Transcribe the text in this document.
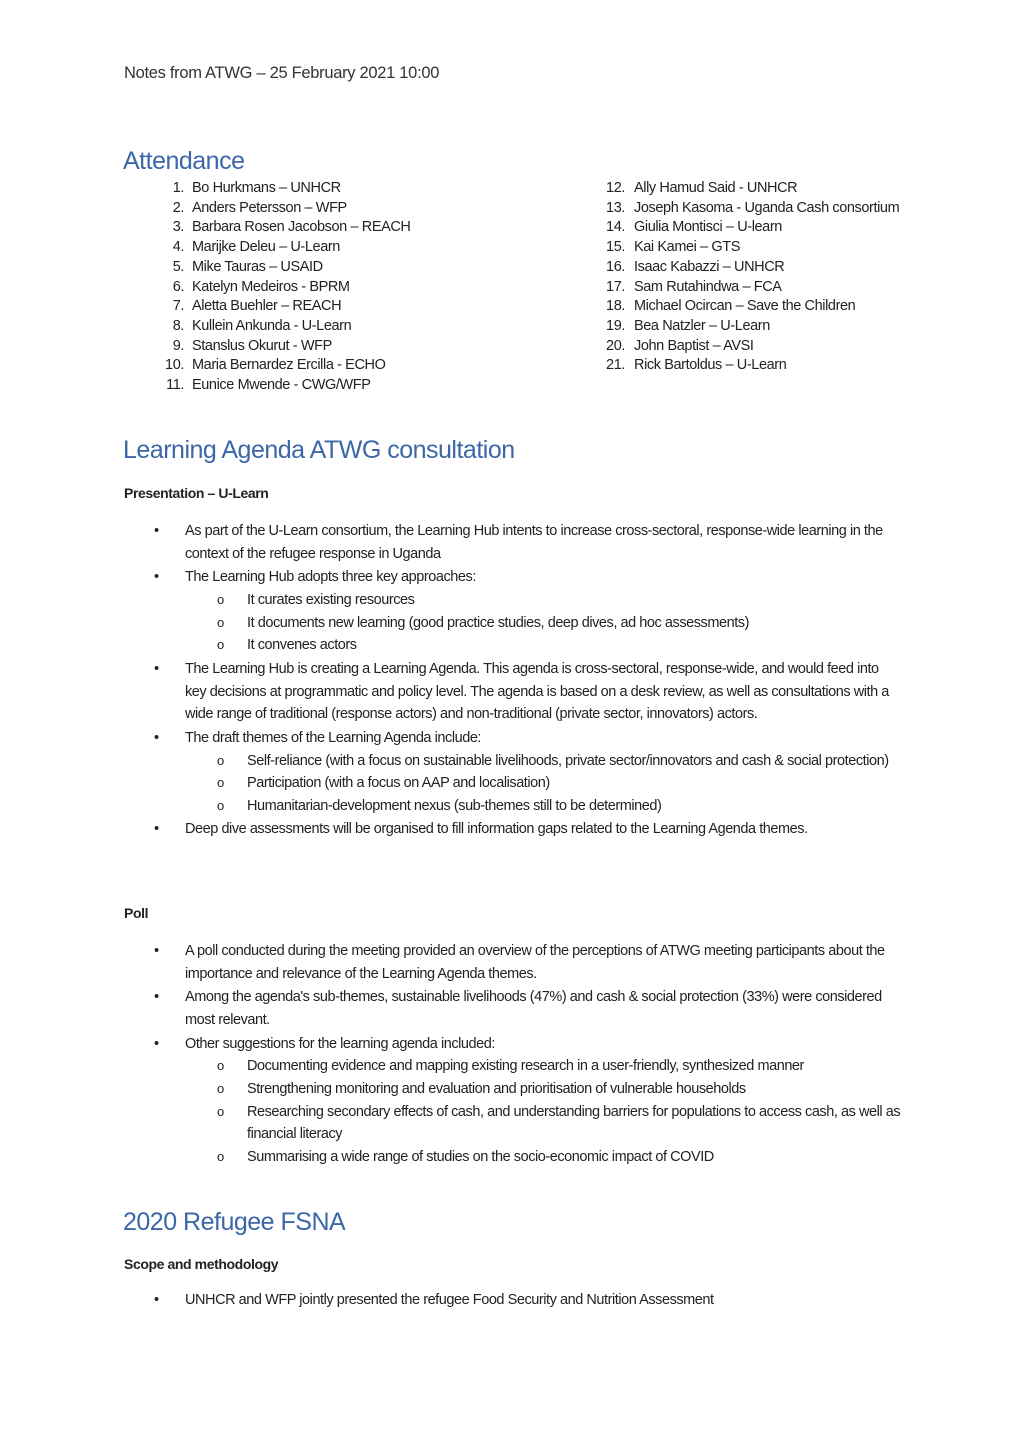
Notes from ATWG – 25 February 2021 10:00
Attendance
1. Bo Hurkmans – UNHCR
2. Anders Petersson – WFP
3. Barbara Rosen Jacobson – REACH
4. Marijke Deleu – U-Learn
5. Mike Tauras – USAID
6. Katelyn Medeiros - BPRM
7. Aletta Buehler – REACH
8. Kullein Ankunda - U-Learn
9. Stanslus Okurut - WFP
10. Maria Bernardez Ercilla - ECHO
11. Eunice Mwende - CWG/WFP
12. Ally Hamud Said - UNHCR
13. Joseph Kasoma - Uganda Cash consortium
14. Giulia Montisci – U-learn
15. Kai Kamei – GTS
16. Isaac Kabazzi – UNHCR
17. Sam Rutahindwa – FCA
18. Michael Ocircan – Save the Children
19. Bea Natzler – U-Learn
20. John Baptist – AVSI
21. Rick Bartoldus – U-Learn
Learning Agenda ATWG consultation
Presentation – U-Learn
• As part of the U-Learn consortium, the Learning Hub intents to increase cross-sectoral, response-wide learning in the context of the refugee response in Uganda
• The Learning Hub adopts three key approaches:
o It curates existing resources
o It documents new learning (good practice studies, deep dives, ad hoc assessments)
o It convenes actors
• The Learning Hub is creating a Learning Agenda. This agenda is cross-sectoral, response-wide, and would feed into key decisions at programmatic and policy level. The agenda is based on a desk review, as well as consultations with a wide range of traditional (response actors) and non-traditional (private sector, innovators) actors.
• The draft themes of the Learning Agenda include:
o Self-reliance (with a focus on sustainable livelihoods, private sector/innovators and cash & social protection)
o Participation (with a focus on AAP and localisation)
o Humanitarian-development nexus (sub-themes still to be determined)
• Deep dive assessments will be organised to fill information gaps related to the Learning Agenda themes.
Poll
• A poll conducted during the meeting provided an overview of the perceptions of ATWG meeting participants about the importance and relevance of the Learning Agenda themes.
• Among the agenda's sub-themes, sustainable livelihoods (47%) and cash & social protection (33%) were considered most relevant.
• Other suggestions for the learning agenda included:
o Documenting evidence and mapping existing research in a user-friendly, synthesized manner
o Strengthening monitoring and evaluation and prioritisation of vulnerable households
o Researching secondary effects of cash, and understanding barriers for populations to access cash, as well as financial literacy
o Summarising a wide range of studies on the socio-economic impact of COVID
2020 Refugee FSNA
Scope and methodology
• UNHCR and WFP jointly presented the refugee Food Security and Nutrition Assessment
